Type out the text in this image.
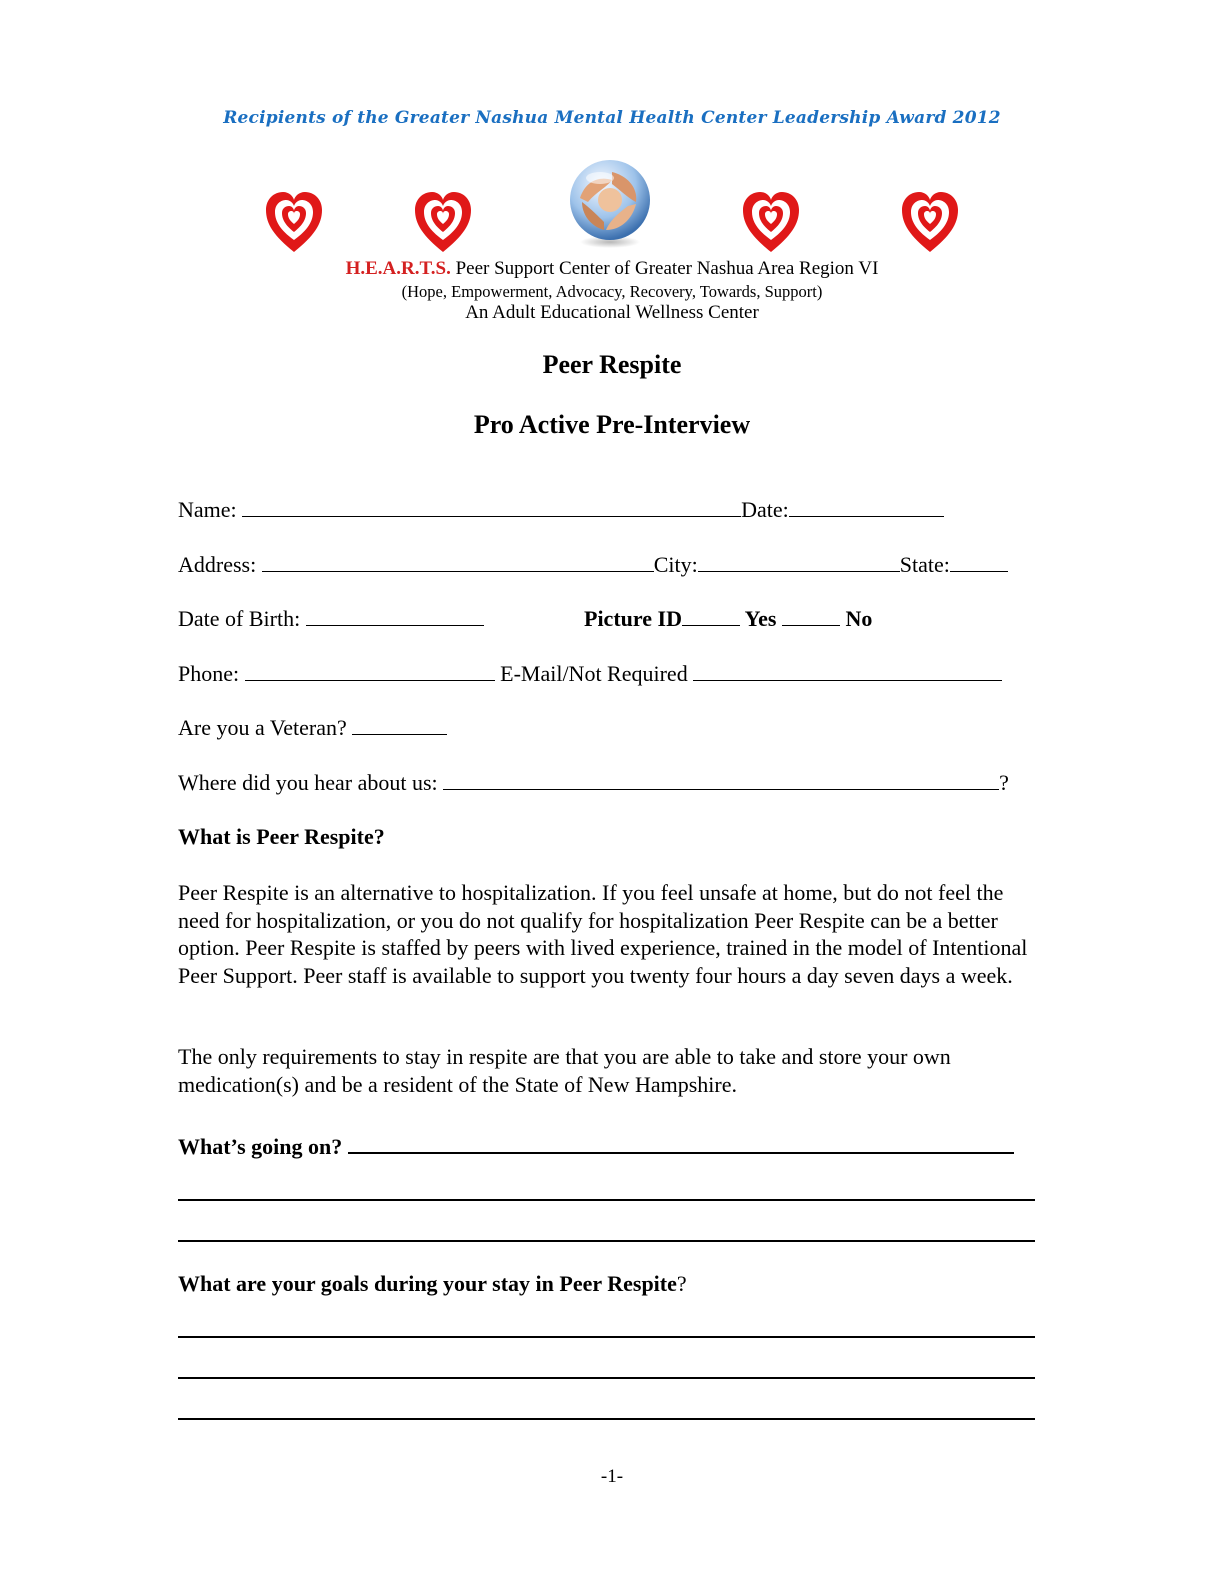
Recipients of the Greater Nashua Mental Health Center Leadership Award 2012
H.E.A.R.T.S. Peer Support Center of Greater Nashua Area Region VI
(Hope, Empowerment, Advocacy, Recovery, Towards, Support)
An Adult Educational Wellness Center
Peer Respite
Pro Active Pre-Interview
Name:	Date:
Address:	City:	State:
Date of Birth:	Picture ID	Yes	No
Phone:	E-Mail/Not Required
Are you a Veteran?
Where did you hear about us:	?
What is Peer Respite?
Peer Respite is an alternative to hospitalization. If you feel unsafe at home, but do not feel the need for hospitalization, or you do not qualify for hospitalization Peer Respite can be a better option. Peer Respite is staffed by peers with lived experience, trained in the model of Intentional Peer Support. Peer staff is available to support you twenty four hours a day seven days a week.
The only requirements to stay in respite are that you are able to take and store your own medication(s) and be a resident of the State of New Hampshire.
What’s going on?
What are your goals during your stay in Peer Respite?
-1-
